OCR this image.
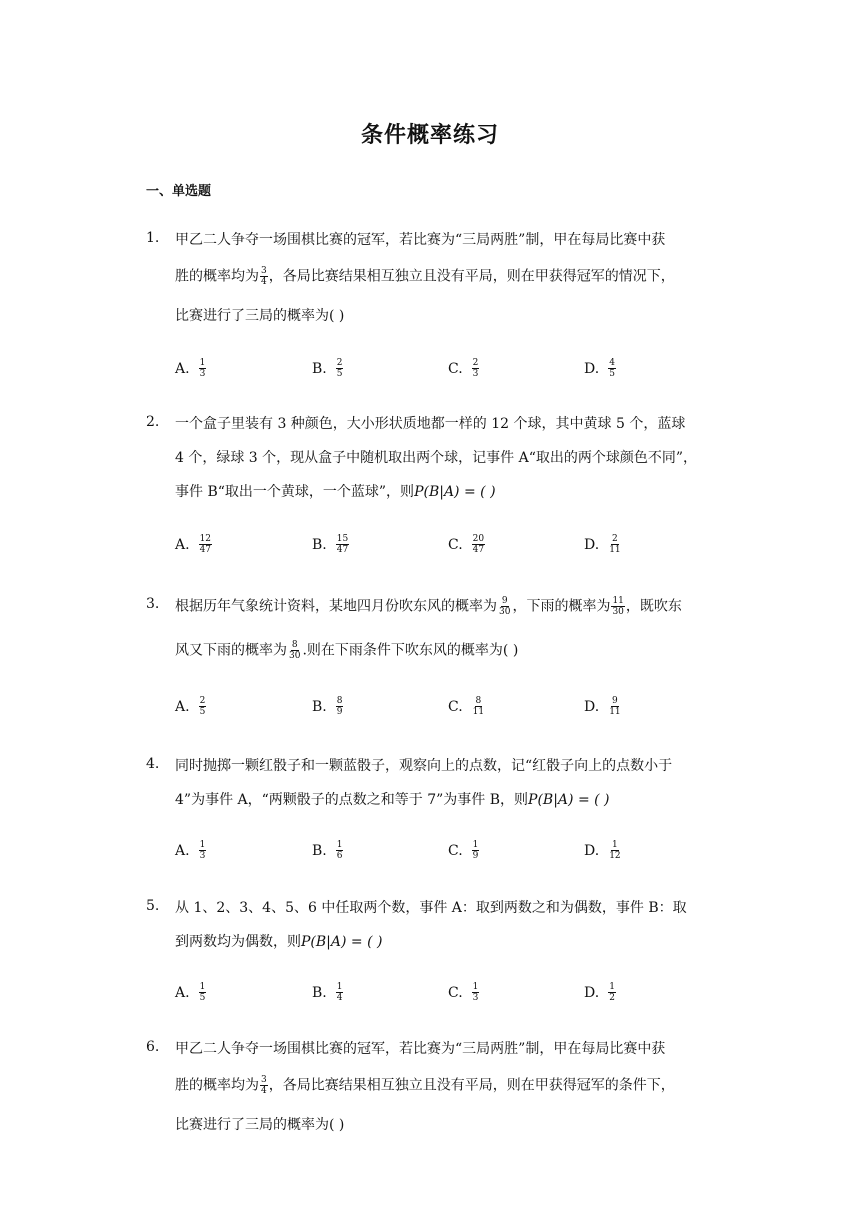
条件概率练习
一、单选题
1. 甲乙二人争夺一场围棋比赛的冠军，若比赛为“三局两胜”制，甲在每局比赛中获
胜的概率均为 $\frac{3}{4}$ ，各局比赛结果相互独立且没有平局，则在甲获得冠军的情况下，
比赛进行了三局的概率为( )
A. $\frac{1}{3}$	B. $\frac{2}{5}$	C. $\frac{2}{3}$	D. $\frac{4}{5}$
2. 一个盒子里装有 3 种颜色，大小形状质地都一样的 12 个球，其中黄球 5 个，蓝球
4 个，绿球 3 个，现从盒子中随机取出两个球，记事件 A“取出的两个球颜色不同”，
事件 B“取出一个黄球，一个蓝球”，则P(B|A) = ( )
A. $\frac{12}{47}$	B. $\frac{15}{47}$	C. $\frac{20}{47}$	D. $\frac{2}{11}$
3. 根据历年气象统计资料，某地四月份吹东风的概率为 $\frac{9}{30}$ ，下雨的概率为 $\frac{11}{30}$ ，既吹东
风又下雨的概率为 $\frac{8}{30}$ .则在下雨条件下吹东风的概率为( )
A. $\frac{2}{5}$	B. $\frac{8}{9}$	C. $\frac{8}{11}$	D. $\frac{9}{11}$
4. 同时抛掷一颗红骰子和一颗蓝骰子，观察向上的点数，记“红骰子向上的点数小于
4”为事件 A，“两颗骰子的点数之和等于 7”为事件 B，则P(B|A) = ( )
A. $\frac{1}{3}$	B. $\frac{1}{6}$	C. $\frac{1}{9}$	D. $\frac{1}{12}$
5. 从 1、2、3、4、5、6 中任取两个数，事件 A：取到两数之和为偶数，事件 B：取
到两数均为偶数，则P(B|A) = ( )
A. $\frac{1}{5}$	B. $\frac{1}{4}$	C. $\frac{1}{3}$	D. $\frac{1}{2}$
6. 甲乙二人争夺一场围棋比赛的冠军，若比赛为“三局两胜”制，甲在每局比赛中获
胜的概率均为 $\frac{3}{4}$ ，各局比赛结果相互独立且没有平局，则在甲获得冠军的条件下，
比赛进行了三局的概率为( )
